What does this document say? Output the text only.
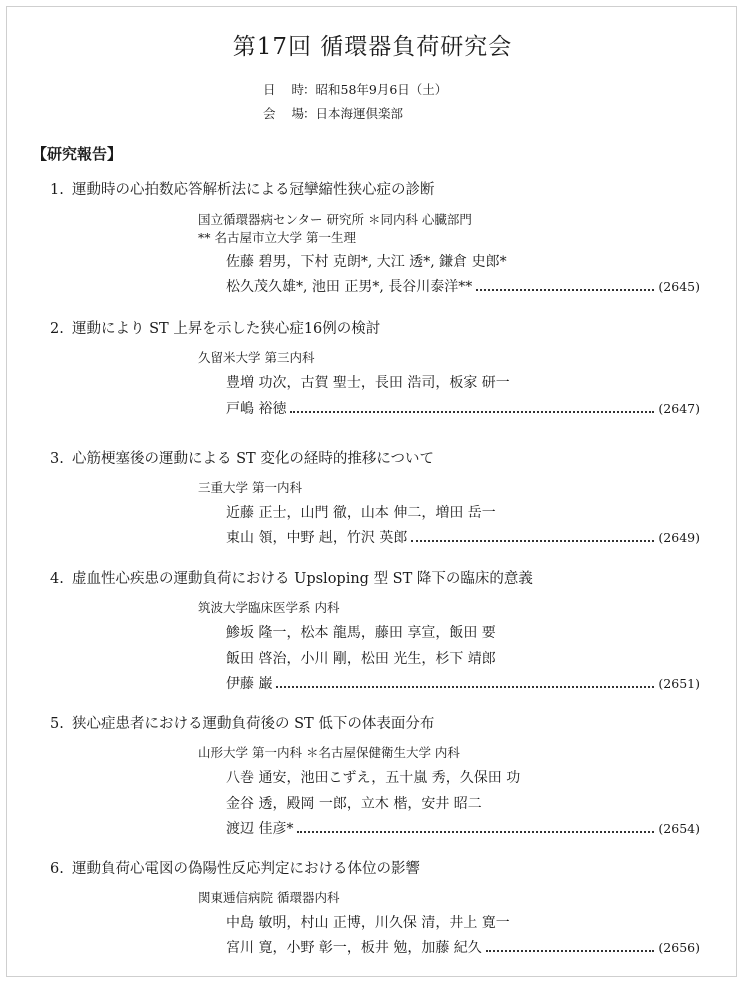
第17回 循環器負荷研究会
日 時：昭和58年9月6日（土）
会 場：日本海運倶楽部
【研究報告】
1. 運動時の心拍数応答解析法による冠攣縮性狭心症の診断
国立循環器病センター 研究所 ＊同内科 心臓部門
** 名古屋市立大学 第一生理
佐藤 碧男，下村 克朗*, 大江 透*, 鎌倉 史郎*
松久茂久雄*, 池田 正男*, 長谷川泰洋**	(2645)
2. 運動により ST 上昇を示した狭心症16例の検討
久留米大学 第三内科
豊増 功次，古賀 聖士，長田 浩司，板家 研一
戸嶋 裕徳	(2647)
3. 心筋梗塞後の運動による ST 変化の経時的推移について
三重大学 第一内科
近藤 正士，山門 徹，山本 伸二，増田 岳一
東山 領，中野 赳，竹沢 英郎	(2649)
4. 虚血性心疾患の運動負荷における Upsloping 型 ST 降下の臨床的意義
筑波大学臨床医学系 内科
鯵坂 隆一，松本 龍馬，藤田 享宣，飯田 要
飯田 啓治，小川 剛，松田 光生，杉下 靖郎
伊藤 巌	(2651)
5. 狭心症患者における運動負荷後の ST 低下の体表面分布
山形大学 第一内科 ＊名古屋保健衛生大学 内科
八巻 通安，池田こずえ，五十嵐 秀，久保田 功
金谷 透，殿岡 一郎，立木 楷，安井 昭二
渡辺 佳彦*	(2654)
6. 運動負荷心電図の偽陽性反応判定における体位の影響
関東逓信病院 循環器内科
中島 敏明，村山 正博，川久保 清，井上 寛一
宮川 寛，小野 彰一，板井 勉，加藤 紀久	(2656)
